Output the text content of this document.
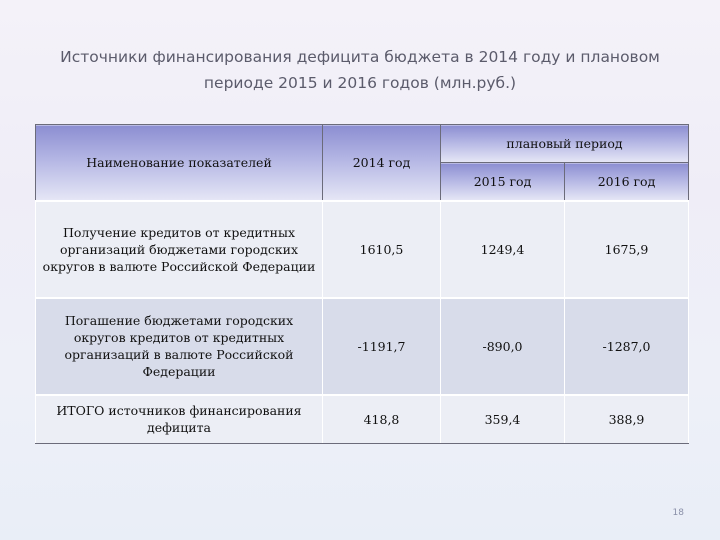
Источники финансирования дефицита бюджета в 2014 году и плановом
периоде 2015 и 2016 годов (млн.руб.)
Наименование показателей	2014 год	плановый период	
		2015 год	2016 год
Получение кредитов от кредитных организаций бюджетами городских округов в валюте Российской Федерации	1610,5	1249,4	1675,9
Погашение бюджетами городских округов кредитов от кредитных организаций в валюте Российской Федерации	-1191,7	-890,0	-1287,0
ИТОГО источников финансирования дефицита	418,8	359,4	388,9
18
